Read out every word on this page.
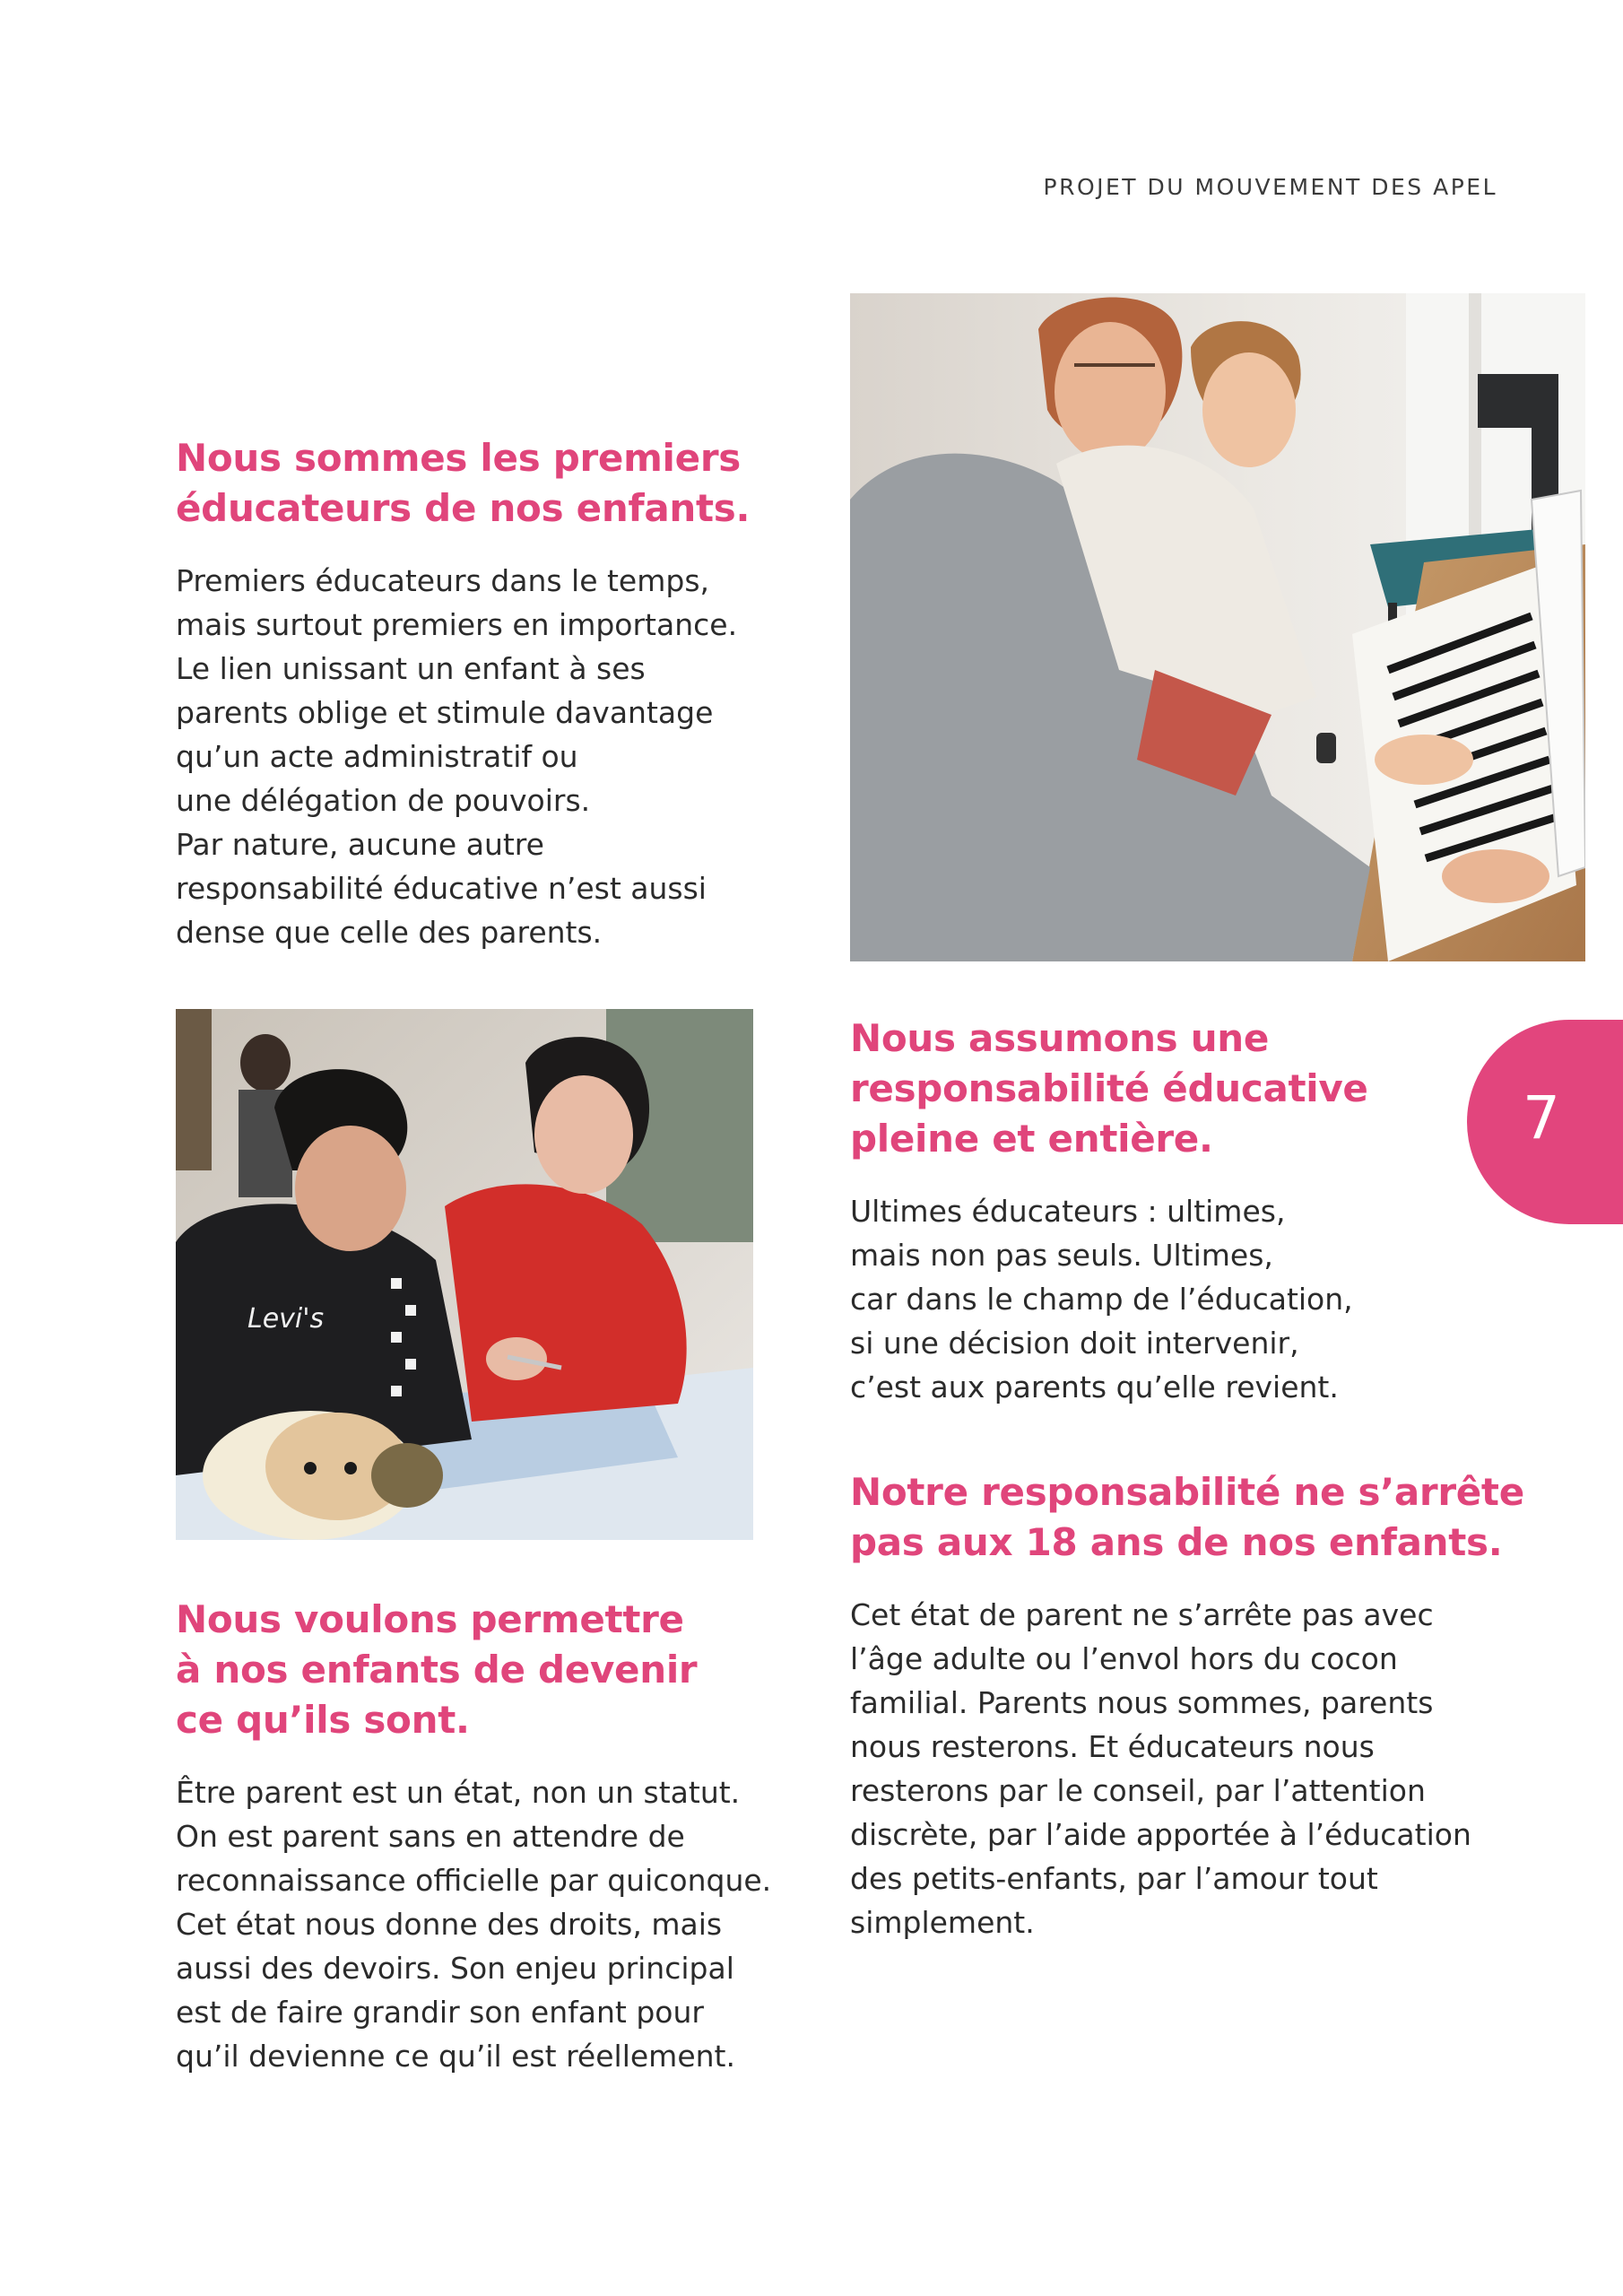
PROJET DU MOUVEMENT DES APEL
Levi's
Nous sommes les premiers
éducateurs de nos enfants.

Premiers éducateurs dans le temps,
mais surtout premiers en importance.
Le lien unissant un enfant à ses
parents oblige et stimule davantage
qu’un acte administratif ou
une délégation de pouvoirs.
Par nature, aucune autre
responsabilité éducative n’est aussi
dense que celle des parents.

Nous assumons une
responsabilité éducative
pleine et entière.

Ultimes éducateurs : ultimes,
mais non pas seuls. Ultimes,
car dans le champ de l’éducation,
si une décision doit intervenir,
c’est aux parents qu’elle revient.

Notre responsabilité ne s’arrête
pas aux 18 ans de nos enfants.

Cet état de parent ne s’arrête pas avec
l’âge adulte ou l’envol hors du cocon
familial. Parents nous sommes, parents
nous resterons. Et éducateurs nous
resterons par le conseil, par l’attention
discrète, par l’aide apportée à l’éducation
des petits-enfants, par l’amour tout
simplement.

Nous voulons permettre
à nos enfants de devenir
ce qu’ils sont.

Être parent est un état, non un statut.
On est parent sans en attendre de
reconnaissance officielle par quiconque.
Cet état nous donne des droits, mais
aussi des devoirs. Son enjeu principal
est de faire grandir son enfant pour
qu’il devienne ce qu’il est réellement.

7
